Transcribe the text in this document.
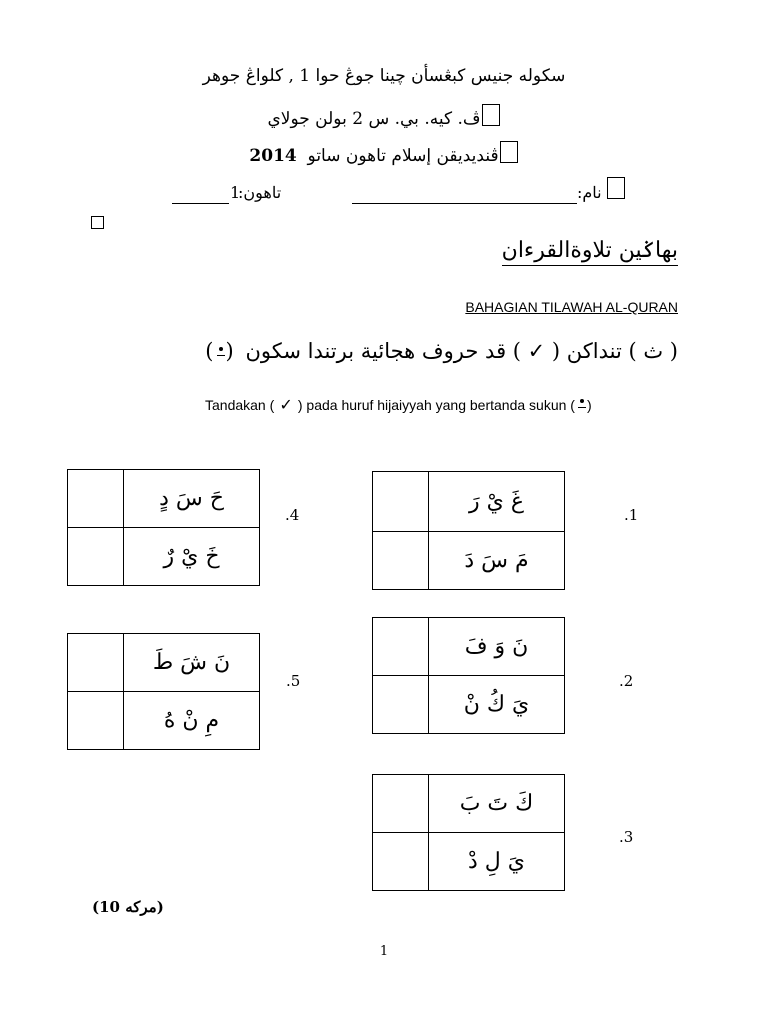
سکوله جنيس کبڠسأن چينا جوڠ حوا 1 , کلواڠ جوهر
ڤ. کيه. بي. س 2 بولن جولاي
ڤنديديقن إسلام تاهون ساتو  2014
1
تاهون:	نام:
بهاݢين تلاوةالقرءان
BAHAGIAN TILAWAH AL-QURAN
( ث ) تنداکن ( ✓ ) قد حروف هجائية برتندا سکون  (
)
Tandakan ( ✓ ) pada huruf hijaiyyah yang bertanda sukun ( )
	غَ يْ رَ
	مَ سَ دَ
.1
	نَ وَ فَ
	يَ كُ نْ
.2
	كَ تَ بَ
	يَ لِ دْ
.3
	حَ سَ دٍ
	خَ يْ رٌ
.4
	نَ شَ طَ
	مِ نْ هُ
.5
(مرکه 10)
1
